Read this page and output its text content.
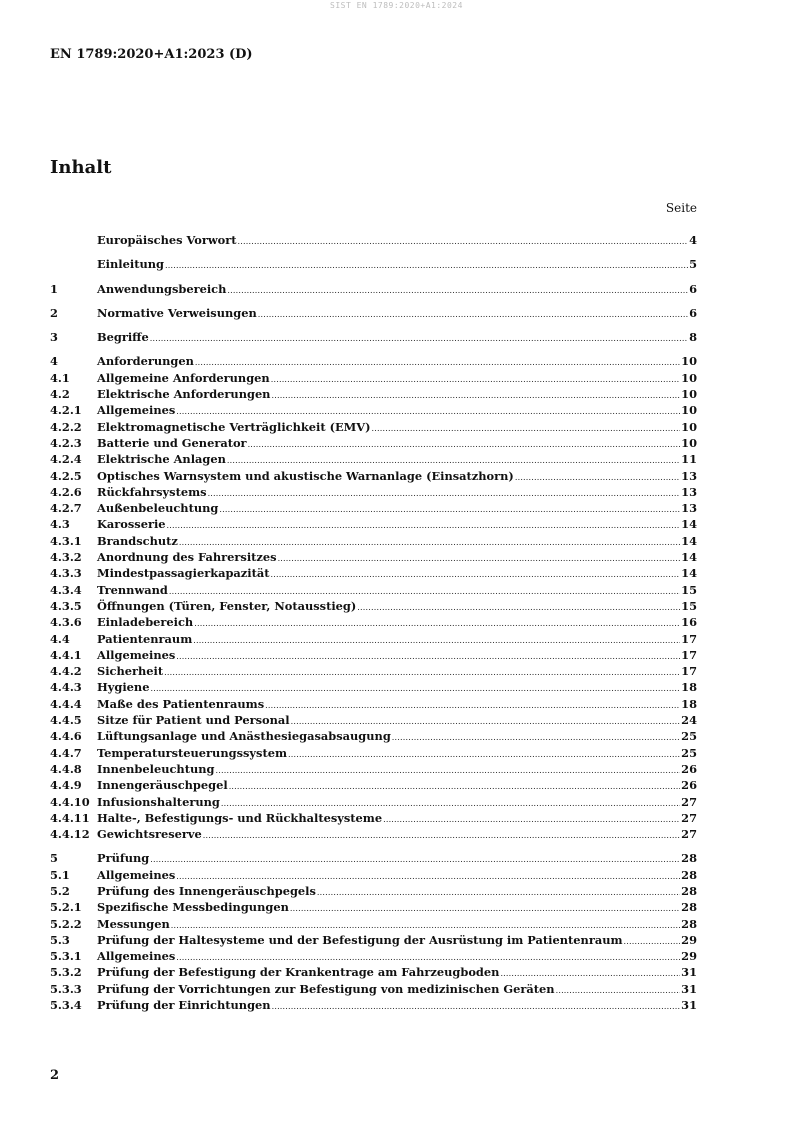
SIST EN 1789:2020+A1:2024
EN 1789:2020+A1:2023 (D)
Inhalt
Seite
Europäisches Vorwort .....	4
Einleitung .....	5
1	Anwendungsbereich .....	6
2	Normative Verweisungen .....	6
3	Begriffe .....	8
4	Anforderungen .....	10
4.1	Allgemeine Anforderungen .....	10
4.2	Elektrische Anforderungen .....	10
4.2.1	Allgemeines .....	10
4.2.2	Elektromagnetische Verträglichkeit (EMV) .....	10
4.2.3	Batterie und Generator .....	10
4.2.4	Elektrische Anlagen .....	11
4.2.5	Optisches Warnsystem und akustische Warnanlage (Einsatzhorn) .....	13
4.2.6	Rückfahrsystems .....	13
4.2.7	Außenbeleuchtung .....	13
4.3	Karosserie .....	14
4.3.1	Brandschutz .....	14
4.3.2	Anordnung des Fahrersitzes .....	14
4.3.3	Mindestpassagierkapazität .....	14
4.3.4	Trennwand .....	15
4.3.5	Öffnungen (Türen, Fenster, Notausstieg) .....	15
4.3.6	Einladebereich .....	16
4.4	Patientenraum .....	17
4.4.1	Allgemeines .....	17
4.4.2	Sicherheit .....	17
4.4.3	Hygiene .....	18
4.4.4	Maße des Patientenraums .....	18
4.4.5	Sitze für Patient und Personal .....	24
4.4.6	Lüftungsanlage und Anästhesiegasabsaugung .....	25
4.4.7	Temperatursteuerungssystem .....	25
4.4.8	Innenbeleuchtung .....	26
4.4.9	Innengeräuschpegel .....	26
4.4.10 Infusionshalterung .....	27
4.4.11 Halte-, Befestigungs- und Rückhaltesysteme .....	27
4.4.12 Gewichtsreserve .....	27
5	Prüfung .....	28
5.1	Allgemeines .....	28
5.2	Prüfung des Innengeräuschpegels .....	28
5.2.1	Spezifische Messbedingungen .....	28
5.2.2	Messungen .....	28
5.3	Prüfung der Haltesysteme und der Befestigung der Ausrüstung im Patientenraum .....	29
5.3.1	Allgemeines .....	29
5.3.2	Prüfung der Befestigung der Krankentrage am Fahrzeugboden .....	31
5.3.3	Prüfung der Vorrichtungen zur Befestigung von medizinischen Geräten .....	31
5.3.4	Prüfung der Einrichtungen .....	31
2
